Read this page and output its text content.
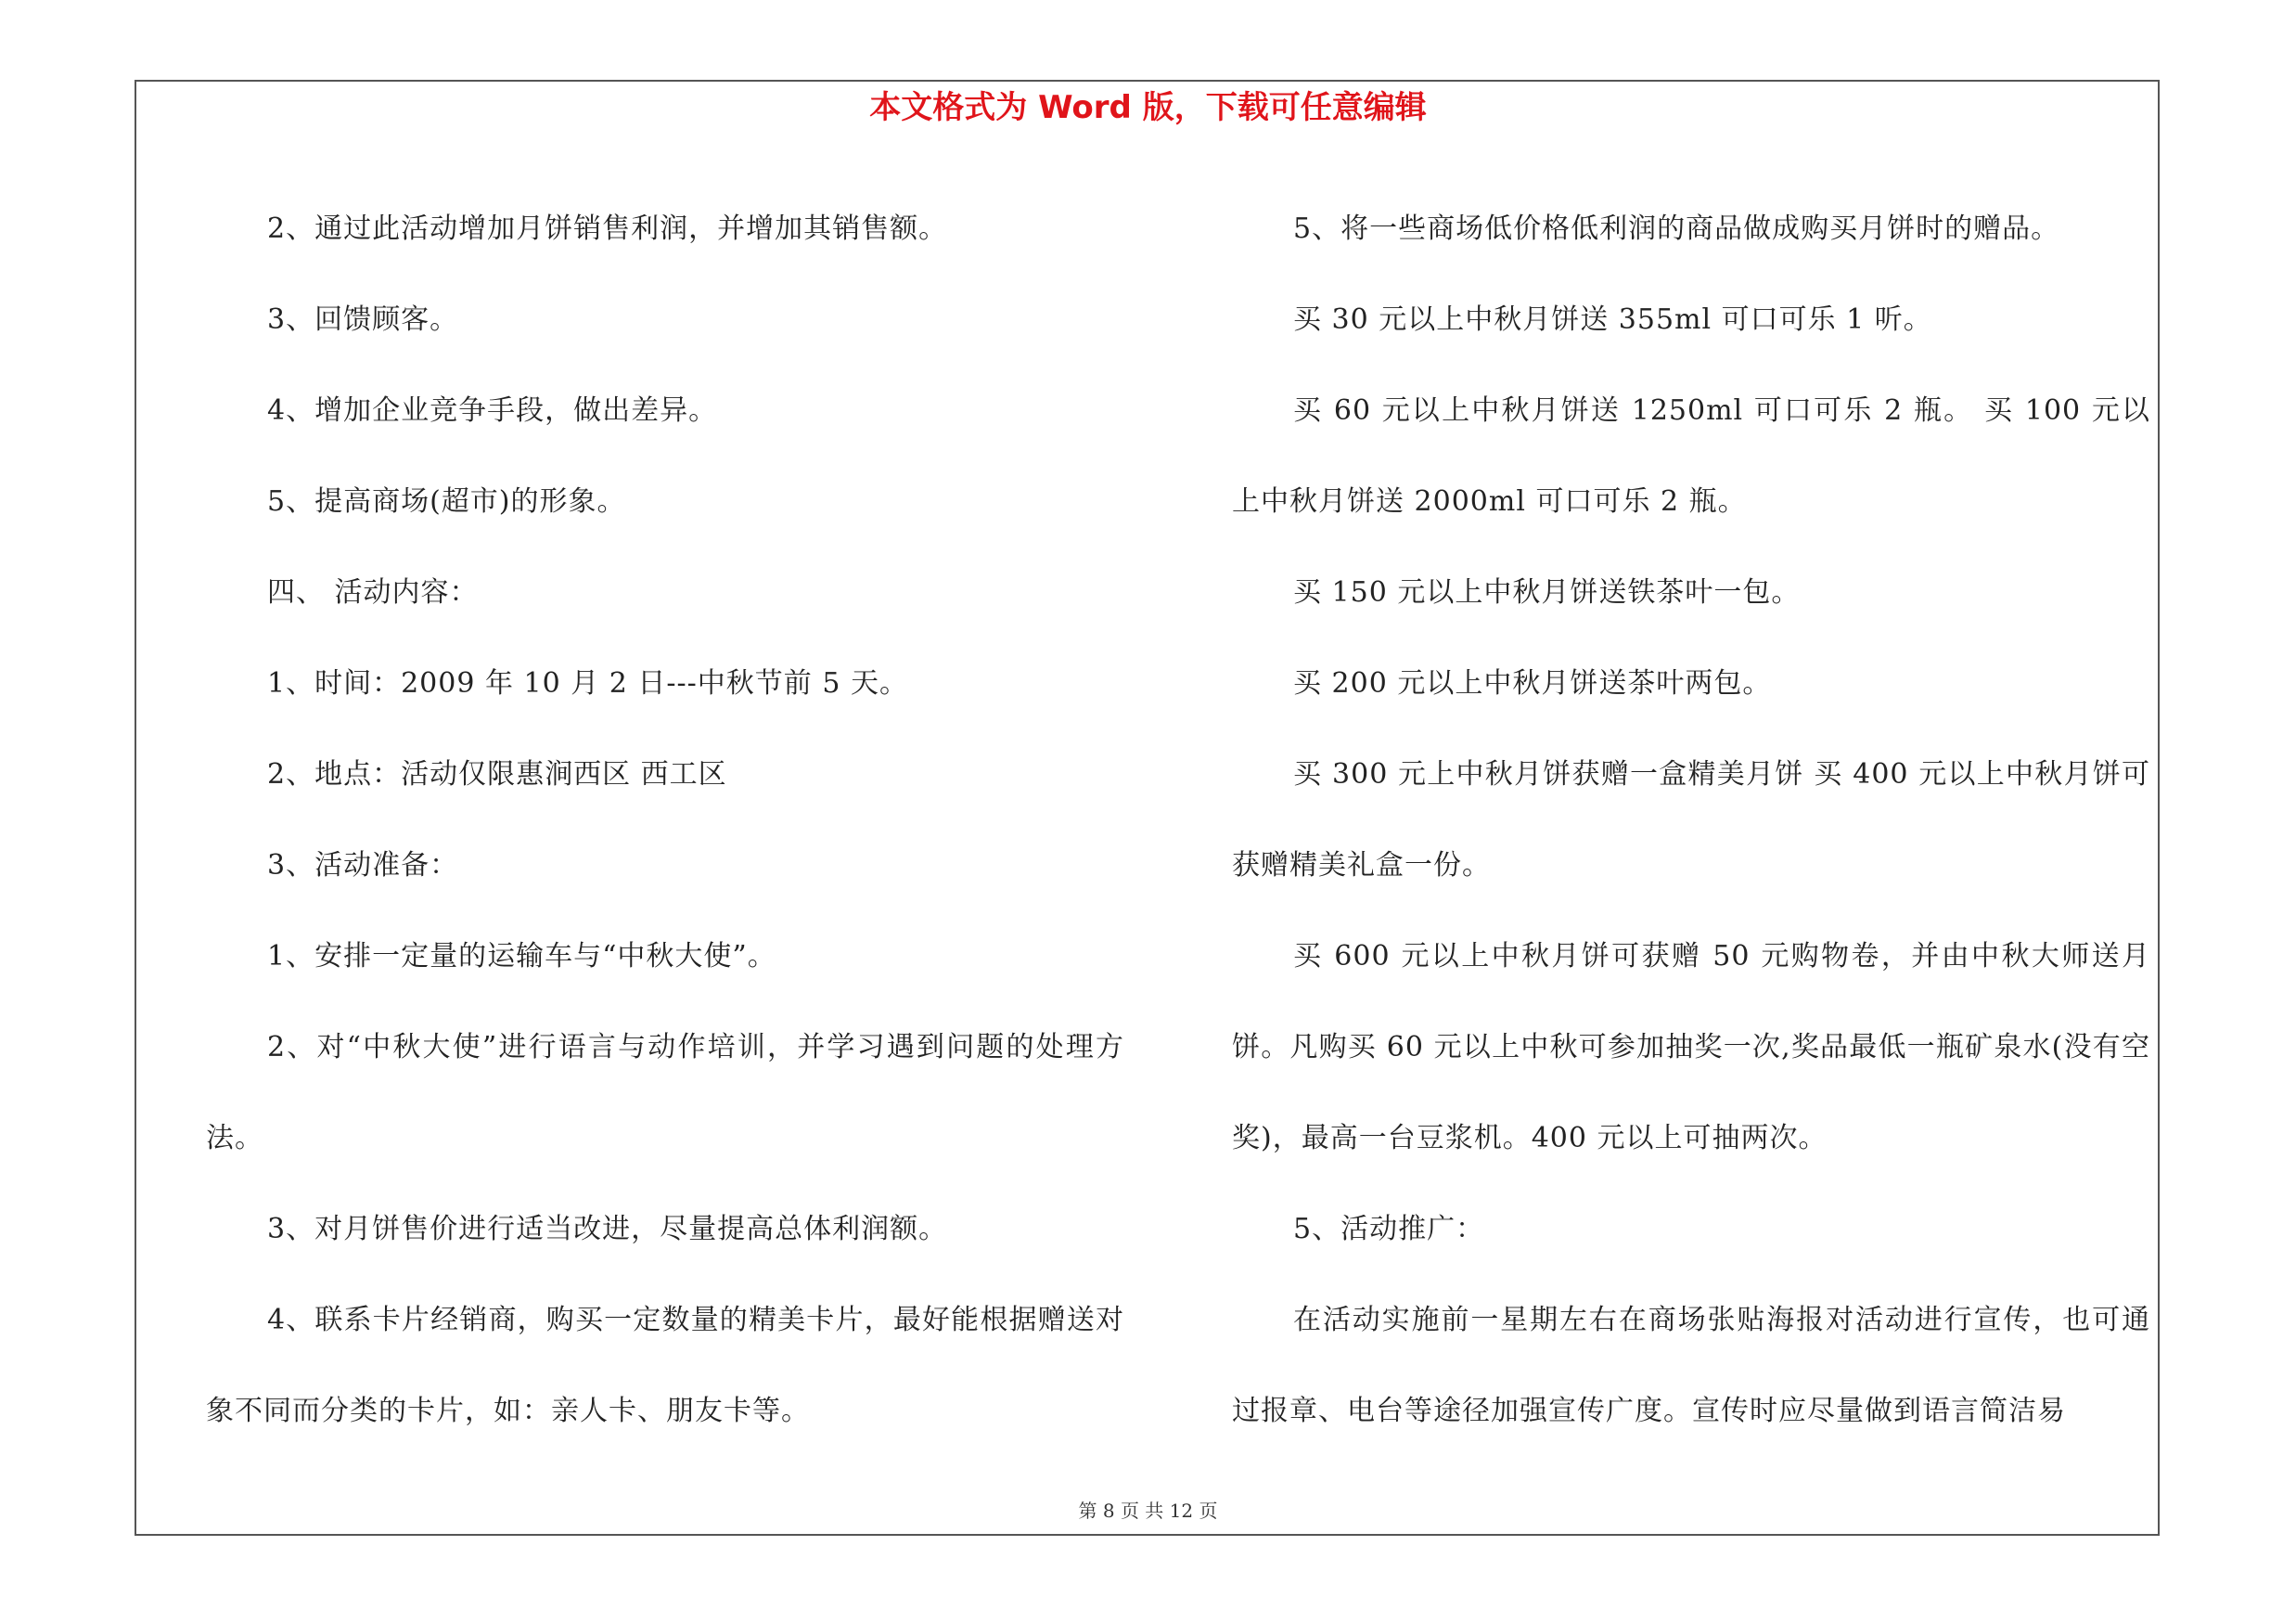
本文格式为 Word 版，下载可任意编辑

2、通过此活动增加月饼销售利润，并增加其销售额。

3、回馈顾客。

4、增加企业竞争手段，做出差异。

5、提高商场(超市)的形象。

四、 活动内容：

1、时间：2009 年 10 月 2 日---中秋节前 5 天。

2、地点：活动仅限惠涧西区 西工区

3、活动准备：

1、安排一定量的运输车与“中秋大使”。

2、对“中秋大使”进行语言与动作培训，并学习遇到问题的处理方法。

3、对月饼售价进行适当改进，尽量提高总体利润额。

4、联系卡片经销商，购买一定数量的精美卡片，最好能根据赠送对象不同而分类的卡片，如：亲人卡、朋友卡等。

5、将一些商场低价格低利润的商品做成购买月饼时的赠品。

买 30 元以上中秋月饼送 355ml 可口可乐 1 听。

买 60 元以上中秋月饼送 1250ml 可口可乐 2 瓶。 买 100 元以上中秋月饼送 2000ml 可口可乐 2 瓶。

买 150 元以上中秋月饼送铁茶叶一包。

买 200 元以上中秋月饼送茶叶两包。

买 300 元上中秋月饼获赠一盒精美月饼 买 400 元以上中秋月饼可获赠精美礼盒一份。

买 600 元以上中秋月饼可获赠 50 元购物卷，并由中秋大师送月饼。凡购买 60 元以上中秋可参加抽奖一次,奖品最低一瓶矿泉水(没有空奖)，最高一台豆浆机。400 元以上可抽两次。

5、活动推广：

在活动实施前一星期左右在商场张贴海报对活动进行宣传，也可通过报章、电台等途径加强宣传广度。宣传时应尽量做到语言简洁易

第 8 页 共 12 页
